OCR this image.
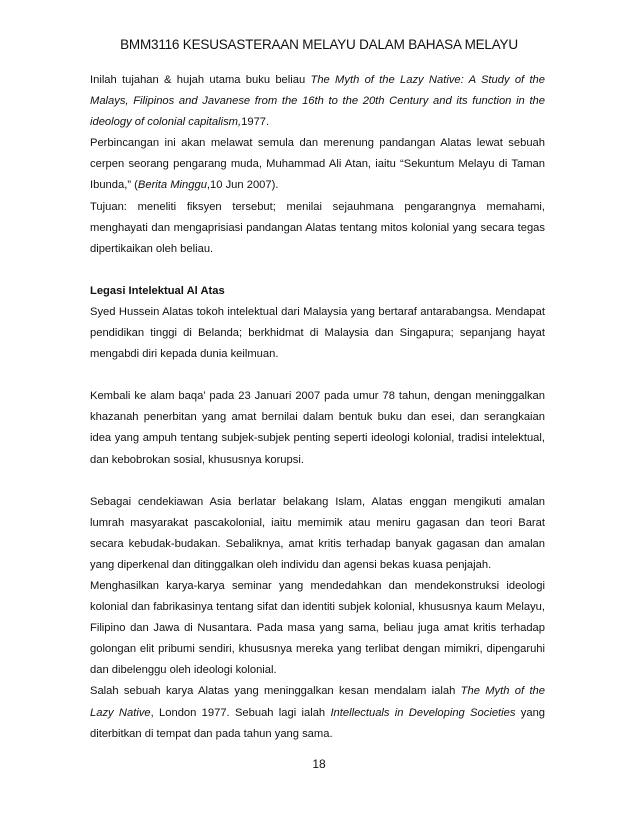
BMM3116 KESUSASTERAAN MELAYU DALAM BAHASA MELAYU

Inilah tujahan & hujah utama buku beliau The Myth of the Lazy Native: A Study of the Malays, Filipinos and Javanese from the 16th to the 20th Century and its function in the ideology of colonial capitalism,1977.

Perbincangan ini akan melawat semula dan merenung pandangan Alatas lewat sebuah cerpen seorang pengarang muda, Muhammad Ali Atan, iaitu “Sekuntum Melayu di Taman Ibunda,” (Berita Minggu,10 Jun 2007).

Tujuan: meneliti fiksyen tersebut; menilai sejauhmana pengarangnya memahami, menghayati dan mengaprisiasi pandangan Alatas tentang mitos kolonial yang secara tegas dipertikaikan oleh beliau.

Legasi Intelektual Al Atas

Syed Hussein Alatas tokoh intelektual dari Malaysia yang bertaraf antarabangsa. Mendapat pendidikan tinggi di Belanda; berkhidmat di Malaysia dan Singapura; sepanjang hayat mengabdi diri kepada dunia keilmuan.

Kembali ke alam baqa’ pada 23 Januari 2007 pada umur 78 tahun, dengan meninggalkan khazanah penerbitan yang amat bernilai dalam bentuk buku dan esei, dan serangkaian idea yang ampuh tentang subjek-subjek penting seperti ideologi kolonial, tradisi intelektual, dan kebobrokan sosial, khususnya korupsi.

Sebagai cendekiawan Asia berlatar belakang Islam, Alatas enggan mengikuti amalan lumrah masyarakat pascakolonial, iaitu memimik atau meniru gagasan dan teori Barat secara kebudak-budakan. Sebaliknya, amat kritis terhadap banyak gagasan dan amalan yang diperkenal dan ditinggalkan oleh individu dan agensi bekas kuasa penjajah.

Menghasilkan karya-karya seminar yang mendedahkan dan mendekonstruksi ideologi kolonial dan fabrikasinya tentang sifat dan identiti subjek kolonial, khususnya kaum Melayu, Filipino dan Jawa di Nusantara. Pada masa yang sama, beliau juga amat kritis terhadap golongan elit pribumi sendiri, khususnya mereka yang terlibat dengan mimikri, dipengaruhi dan dibelenggu oleh ideologi kolonial.

Salah sebuah karya Alatas yang meninggalkan kesan mendalam ialah The Myth of the Lazy Native, London 1977. Sebuah lagi ialah Intellectuals in Developing Societies yang diterbitkan di tempat dan pada tahun yang sama.

18
